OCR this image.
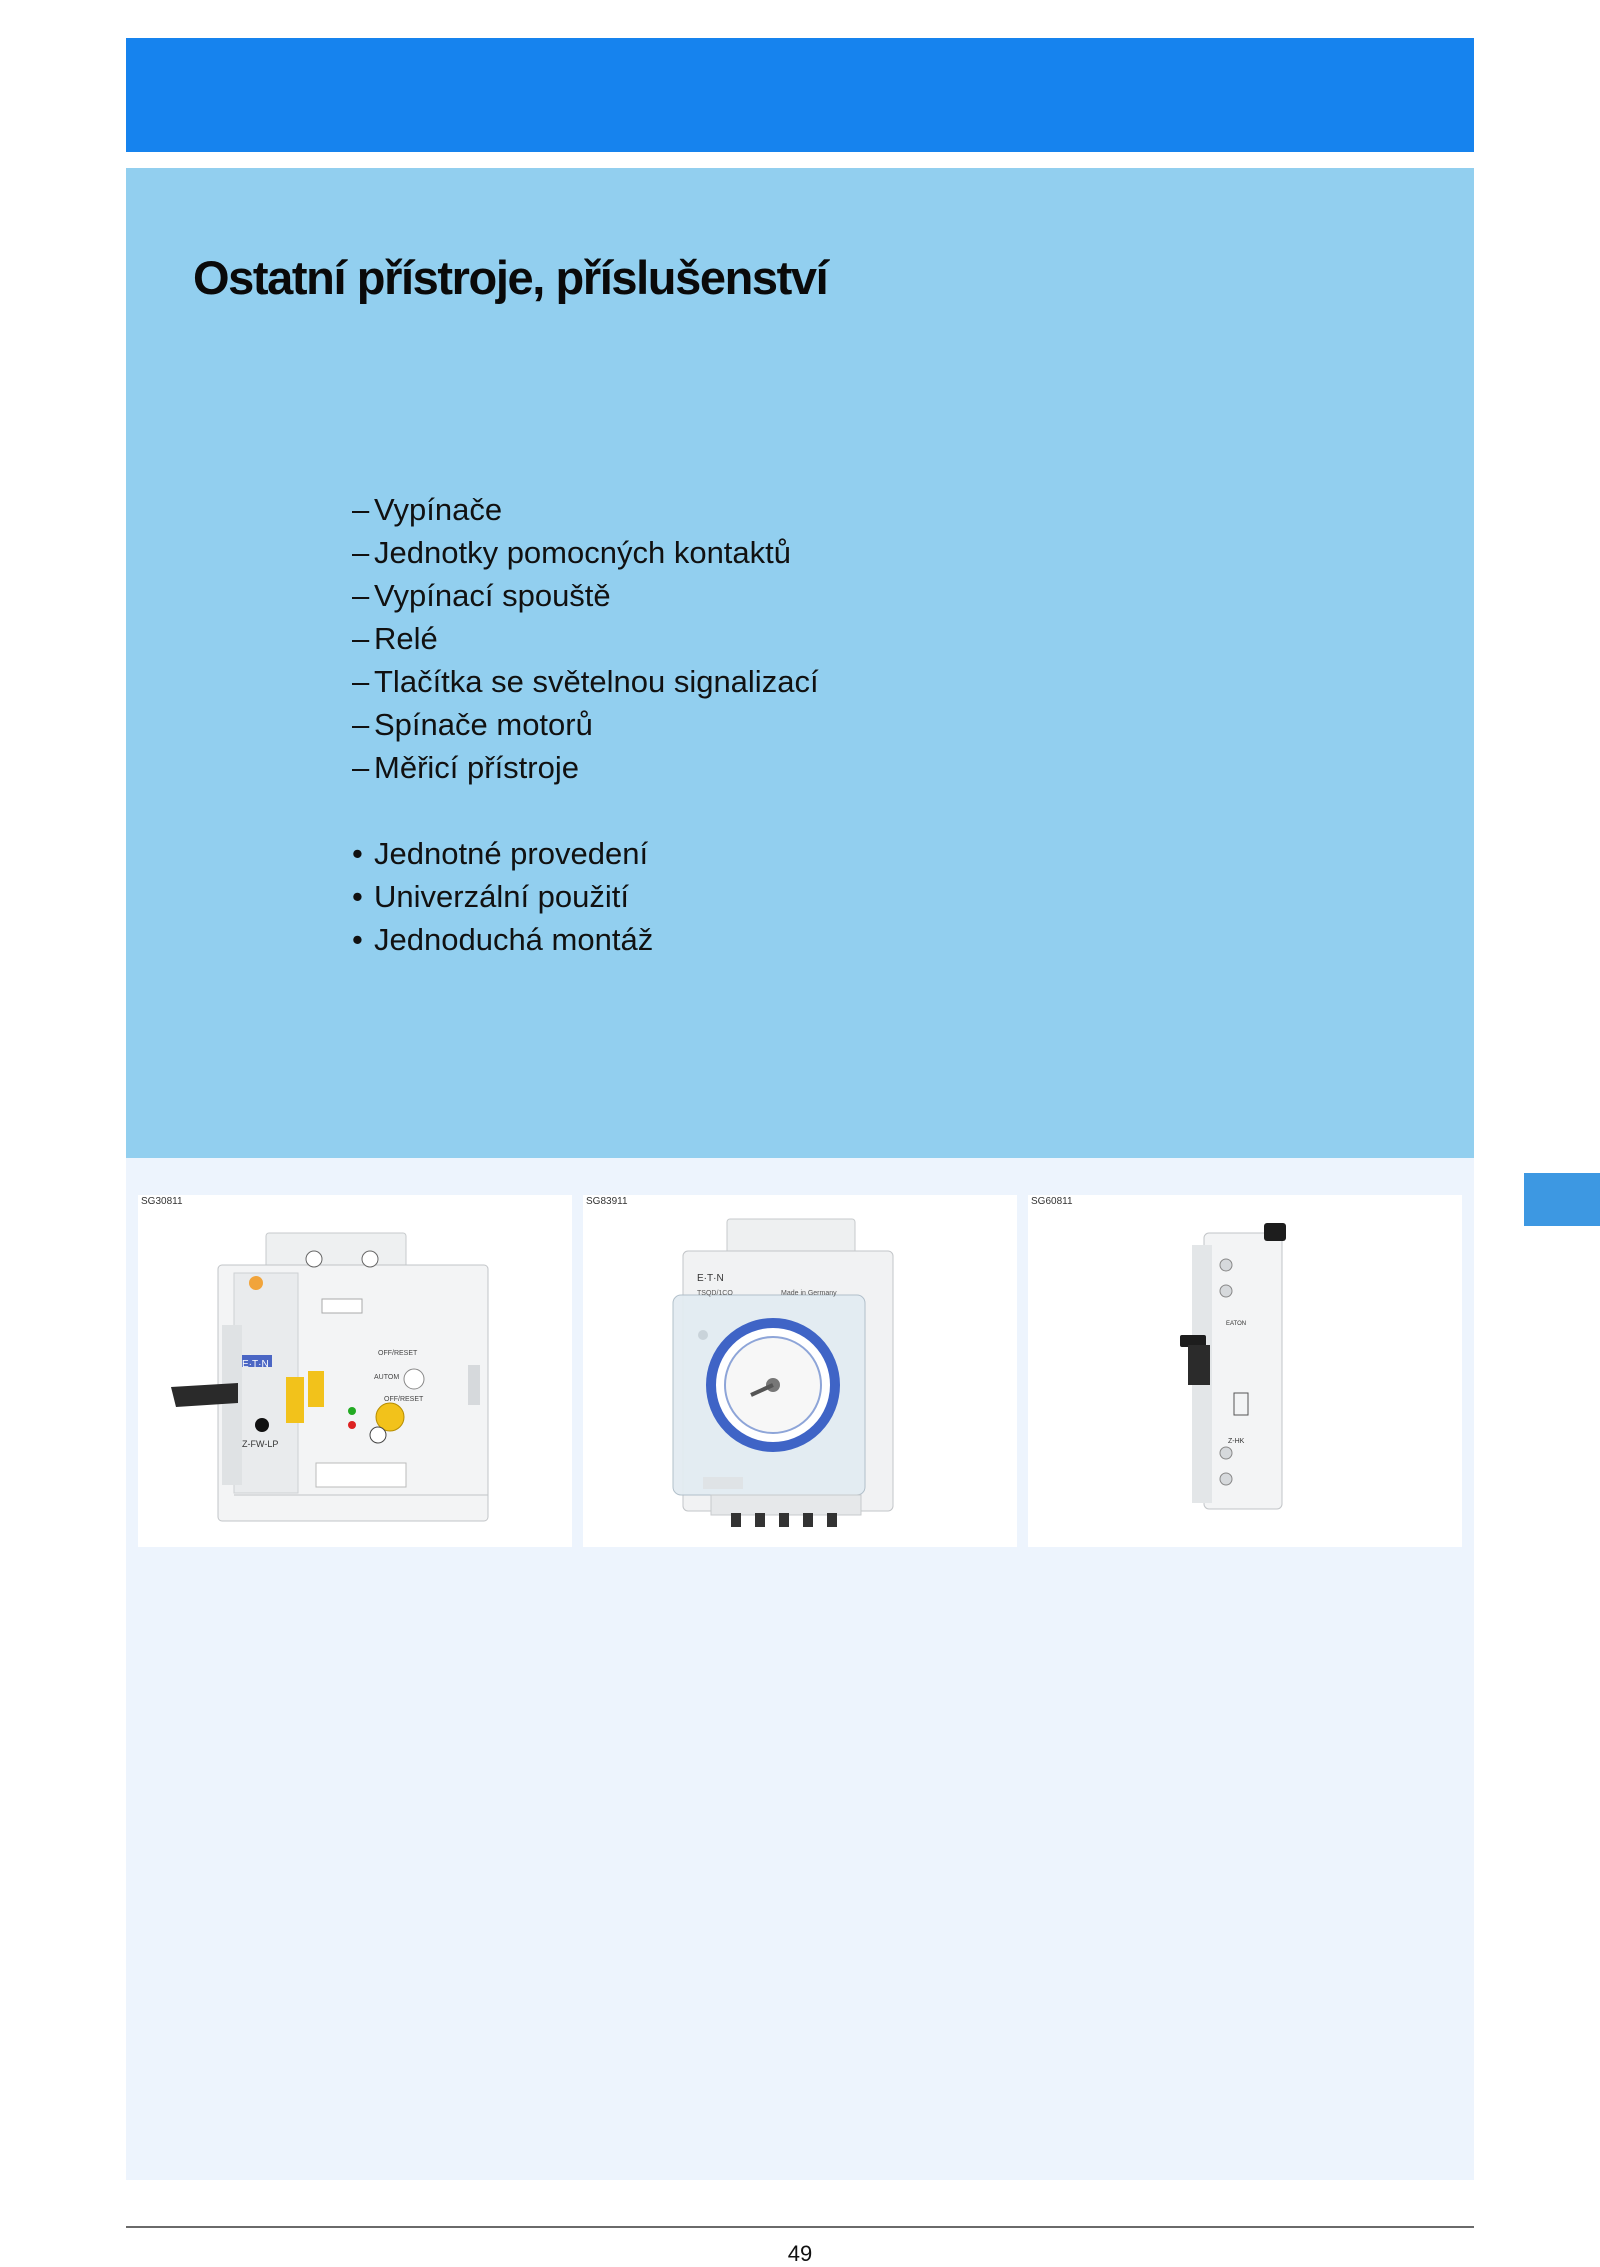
Ostatní přístroje, příslušenství
– Vypínače
– Jednotky pomocných kontaktů
– Vypínací spouště
– Relé
– Tlačítka se světelnou signalizací
– Spínače motorů
– Měřicí přístroje
• Jednotné provedení
• Univerzální použití
• Jednoduchá montáž
E·T·N
Z-FW-LP
OFF/RESET
AUTOM
OFF/RESET
SG30811
E·T·N
TSQD/1CO	Made in Germany
SG83911
EATON
Z-HK
SG60811
49
